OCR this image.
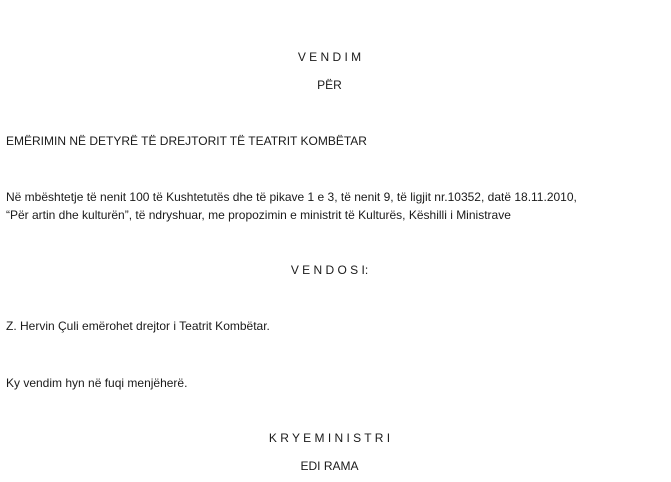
V E N D I M
PËR
EMËRIMIN NË DETYRË TË DREJTORIT TË TEATRIT KOMBËTAR
Në mbështetje të nenit 100 të Kushtetutës dhe të pikave 1 e 3, të nenit 9, të ligjit nr.10352, datë 18.11.2010,
“Për artin dhe kulturën”, të ndryshuar, me propozimin e ministrit të Kulturës, Këshilli i Ministrave
V E N D O S I:
Z. Hervin Çuli emërohet drejtor i Teatrit Kombëtar.
Ky vendim hyn në fuqi menjëherë.
K R Y E M I N I S T R I
EDI RAMA
